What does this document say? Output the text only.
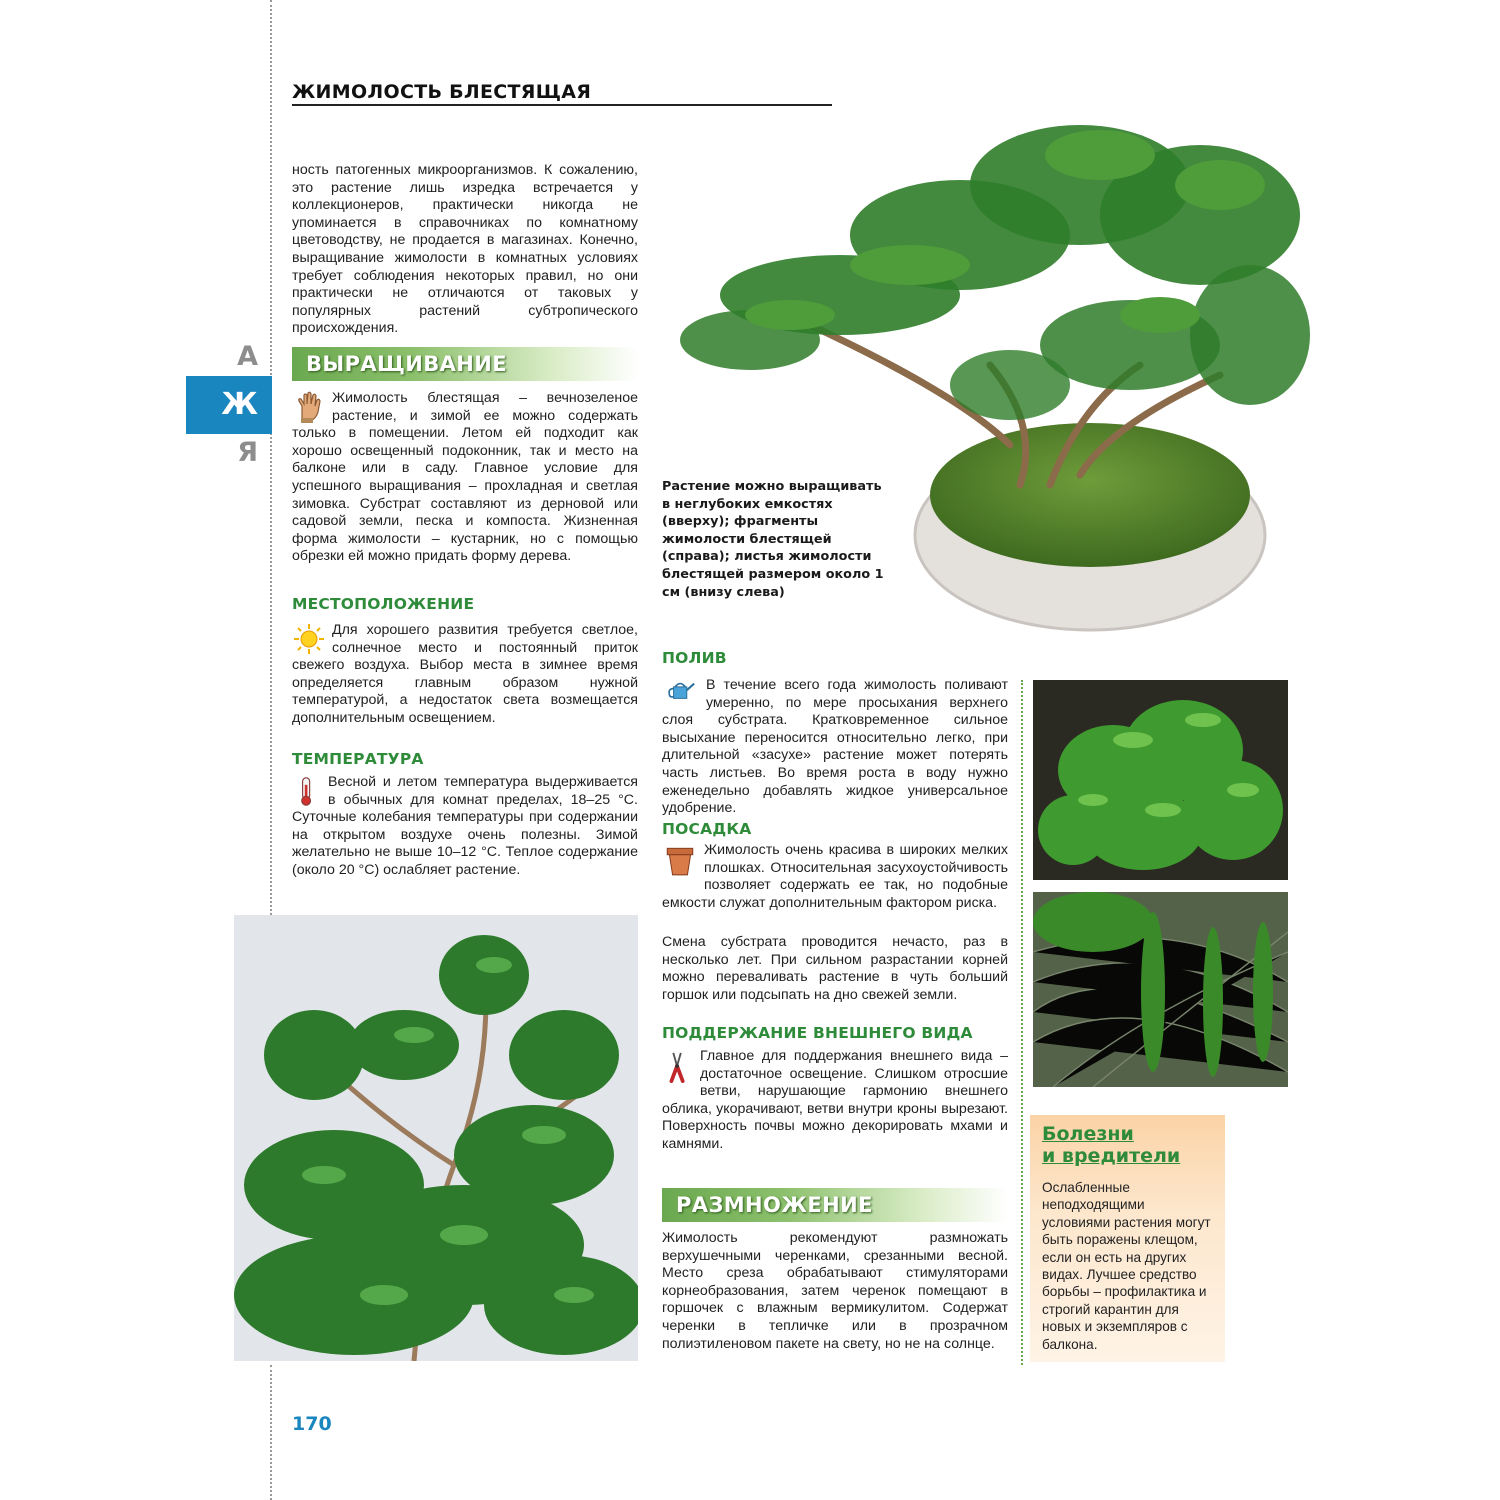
ЖИМОЛОСТЬ БЛЕСТЯЩАЯ
А
Ж
Я
ность патогенных микроорганизмов. К сожалению, это растение лишь изредка встречается у коллекционеров, практически никогда не упоминается в справочниках по комнатному цветоводству, не продается в магазинах. Конечно, выращивание жимолости в комнатных условиях требует соблюдения некоторых правил, но они практически не отличаются от таковых у популярных растений субтропического происхождения.
ВЫРАЩИВАНИЕ
Жимолость блестящая – вечнозеленое растение, и зимой ее можно содержать только в помещении. Летом ей подходит как хорошо освещенный подоконник, так и место на балконе или в саду. Главное условие для успешного выращивания – прохладная и светлая зимовка. Субстрат составляют из дерновой или садовой земли, песка и компоста. Жизненная форма жимолости – кустарник, но с помощью обрезки ей можно придать форму дерева.
МЕСТОПОЛОЖЕНИЕ
Для хорошего развития требуется светлое, солнечное место и постоянный приток свежего воздуха. Выбор места в зимнее время определяется главным образом нужной температурой, а недостаток света возмещается дополнительным освещением.
ТЕМПЕРАТУРА
Весной и летом температура выдерживается в обычных для комнат пределах, 18–25 °С. Суточные колебания температуры при содержании на открытом воздухе очень полезны. Зимой желательно не выше 10–12 °С. Теплое содержание (около 20 °С) ослабляет растение.
Растение можно выращивать в неглубоких емкостях (вверху); фрагменты жимолости блестящей (справа); листья жимолости блестящей размером около 1 см (внизу слева)
ПОЛИВ
В течение всего года жимолость поливают умеренно, по мере просыхания верхнего слоя субстрата. Кратковременное сильное высыхание переносится относительно легко, при длительной «засухе» растение может потерять часть листьев. Во время роста в воду нужно еженедельно добавлять жидкое универсальное удобрение.
ПОСАДКА
Жимолость очень красива в широких мелких плошках. Относительная засухоустойчивость позволяет содержать ее так, но подобные емкости служат дополнительным фактором риска.
Смена субстрата проводится нечасто, раз в несколько лет. При сильном разрастании корней можно переваливать растение в чуть больший горшок или подсыпать на дно свежей земли.
ПОДДЕРЖАНИЕ ВНЕШНЕГО ВИДА
Главное для поддержания внешнего вида – достаточное освещение. Слишком отросшие ветви, нарушающие гармонию внешнего облика, укорачивают, ветви внутри кроны вырезают. Поверхность почвы можно декорировать мхами и камнями.
РАЗМНОЖЕНИЕ
Жимолость рекомендуют размножать верхушечными черенками, срезанными весной. Место среза обрабатывают стимуляторами корнеобразования, затем черенок помещают в горшочек с влажным вермикулитом. Содержат черенки в тепличке или в прозрачном полиэтиленовом пакете на свету, но не на солнце.
Болезни
и вредители

Ослабленные неподходящими условиями растения могут быть поражены клещом, если он есть на других видах. Лучшее средство борьбы – профилактика и строгий карантин для новых и экземпляров с балкона.

170
